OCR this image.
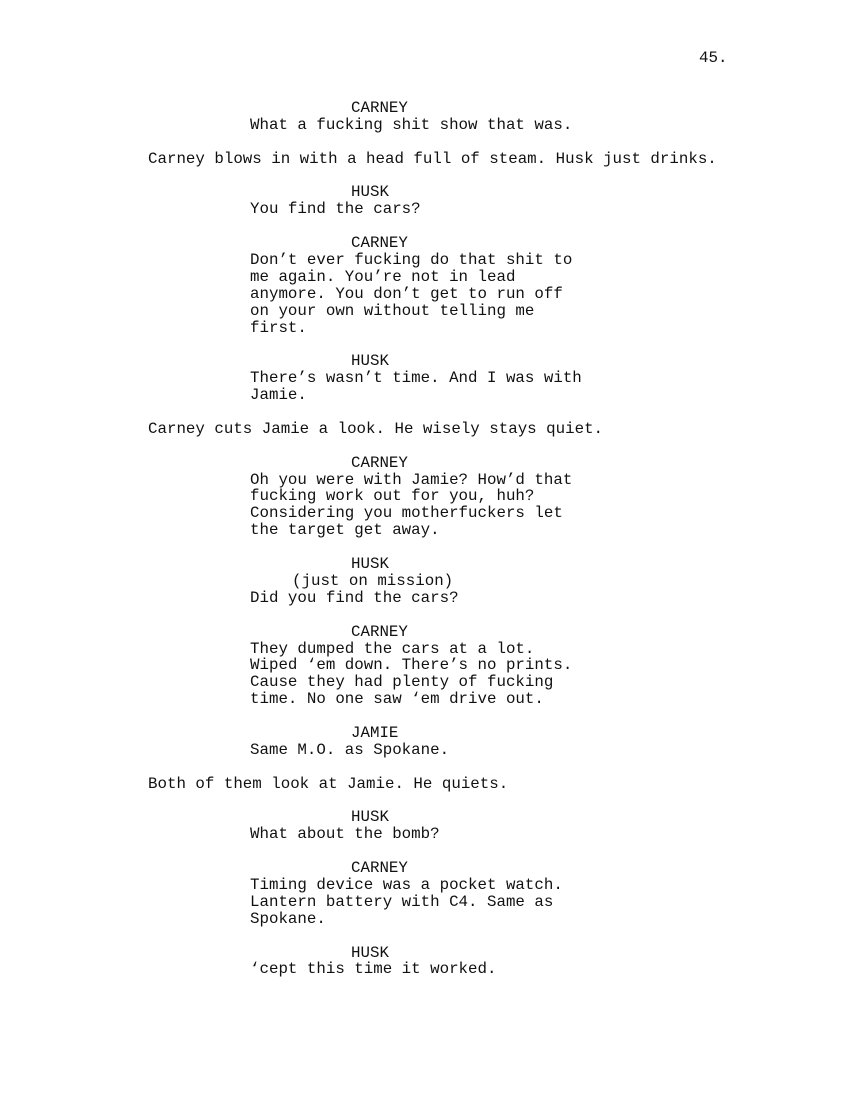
45.
CARNEY
What a fucking shit show that was.
Carney blows in with a head full of steam. Husk just drinks.
HUSK
You find the cars?
CARNEY
Don’t ever fucking do that shit to
me again. You’re not in lead
anymore. You don’t get to run off
on your own without telling me
first.
HUSK
There’s wasn’t time. And I was with
Jamie.
Carney cuts Jamie a look. He wisely stays quiet.
CARNEY
Oh you were with Jamie? How’d that
fucking work out for you, huh?
Considering you motherfuckers let
the target get away.
HUSK
(just on mission)
Did you find the cars?
CARNEY
They dumped the cars at a lot.
Wiped ‘em down. There’s no prints.
Cause they had plenty of fucking
time. No one saw ‘em drive out.
JAMIE
Same M.O. as Spokane.
Both of them look at Jamie. He quiets.
HUSK
What about the bomb?
CARNEY
Timing device was a pocket watch.
Lantern battery with C4. Same as
Spokane.
HUSK
‘cept this time it worked.
